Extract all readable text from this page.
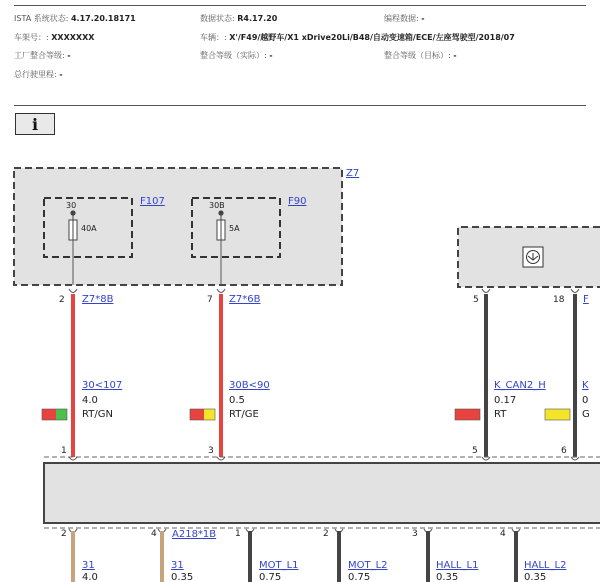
ISTA 系统状态: 4.17.20.18171	数据状态: R4.17.20	编程数据: -
车架号：: XXXXXXX	车辆：: X'/F49/越野车/X1 xDrive20Li/B48/自动变速箱/ECE/左座驾驶型/2018/07
工厂整合等级: -	整合等级（实际）: -	整合等级（目标）: -
总行驶里程: -
i
Z7
F107
30
40A
F90
30B
5A
2	7	5	18
Z7*8B	Z7*6B	F
30<107	30B<90	K_CAN2_H	K
4.0	0.5	0.17	0
RT/GN	RT/GE	RT	G
1	3	5	6
2	4	1	2	3	4
A218*1B
31	31	MOT_L1	MOT_L2	HALL_L1	HALL_L2
4.0	0.35	0.75	0.75	0.35	0.35
